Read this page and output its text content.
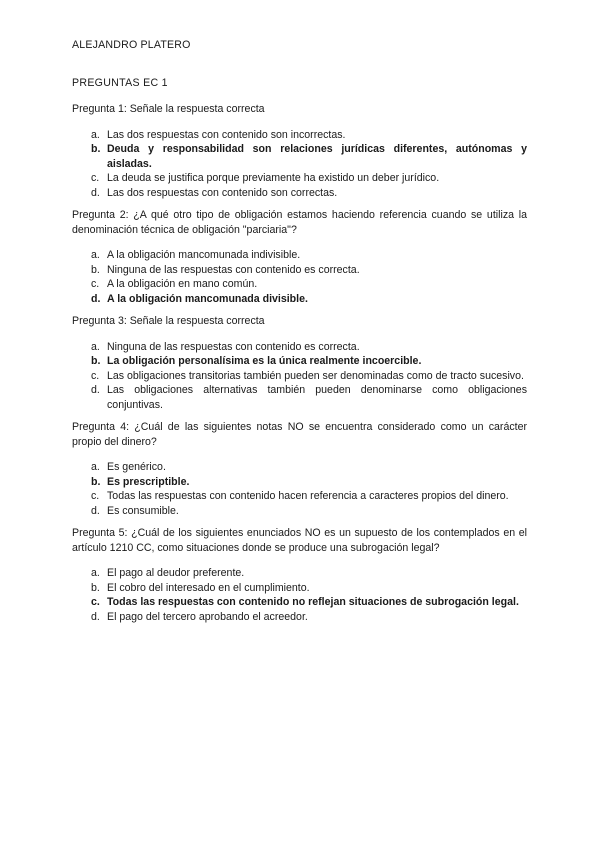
ALEJANDRO PLATERO
PREGUNTAS EC 1
Pregunta 1: Señale la respuesta correcta
a. Las dos respuestas con contenido son incorrectas.
b. Deuda y responsabilidad son relaciones jurídicas diferentes, autónomas y aisladas.
c. La deuda se justifica porque previamente ha existido un deber jurídico.
d. Las dos respuestas con contenido son correctas.
Pregunta 2: ¿A qué otro tipo de obligación estamos haciendo referencia cuando se utiliza la denominación técnica de obligación "parciaria"?
a. A la obligación mancomunada indivisible.
b. Ninguna de las respuestas con contenido es correcta.
c. A la obligación en mano común.
d. A la obligación mancomunada divisible.
Pregunta 3: Señale la respuesta correcta
a. Ninguna de las respuestas con contenido es correcta.
b. La obligación personalísima es la única realmente incoercible.
c. Las obligaciones transitorias también pueden ser denominadas como de tracto sucesivo.
d. Las obligaciones alternativas también pueden denominarse como obligaciones conjuntivas.
Pregunta 4: ¿Cuál de las siguientes notas NO se encuentra considerado como un carácter propio del dinero?
a. Es genérico.
b. Es prescriptible.
c. Todas las respuestas con contenido hacen referencia a caracteres propios del dinero.
d. Es consumible.
Pregunta 5: ¿Cuál de los siguientes enunciados NO es un supuesto de los contemplados en el artículo 1210 CC, como situaciones donde se produce una subrogación legal?
a. El pago al deudor preferente.
b. El cobro del interesado en el cumplimiento.
c. Todas las respuestas con contenido no reflejan situaciones de subrogación legal.
d. El pago del tercero aprobando el acreedor.
